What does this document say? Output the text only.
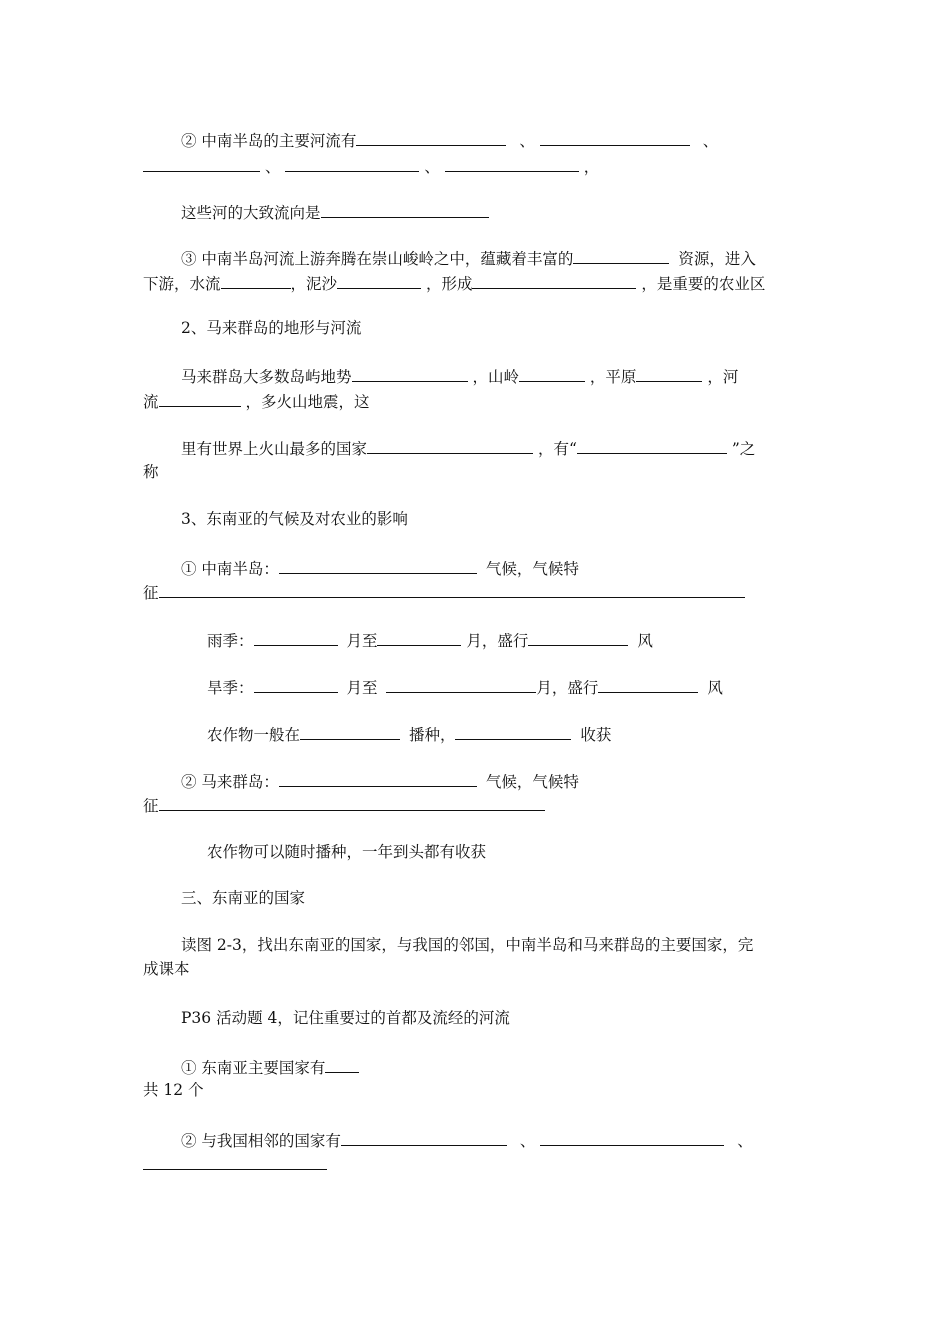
② 中南半岛的主要河流有	、	、
、	、	，
这些河的大致流向是
③ 中南半岛河流上游奔腾在崇山峻岭之中，蕴藏着丰富的	资源，进入
下游，水流	，泥沙	，形成	，是重要的农业区
2、马来群岛的地形与河流
马来群岛大多数岛屿地势	，山岭	，平原	，河
流	，多火山地震，这
里有世界上火山最多的国家	，有“	”之
称
3、东南亚的气候及对农业的影响
① 中南半岛：	气候，气候特
征
雨季：	月至	月，盛行	风
旱季：	月至	月，盛行	风
农作物一般在	播种，	收获
② 马来群岛：	气候，气候特
征
农作物可以随时播种，一年到头都有收获
三、东南亚的国家
读图 2-3，找出东南亚的国家，与我国的邻国，中南半岛和马来群岛的主要国家，完
成课本
P36 活动题 4，记住重要过的首都及流经的河流
① 东南亚主要国家有
共 12 个
② 与我国相邻的国家有	、	、
